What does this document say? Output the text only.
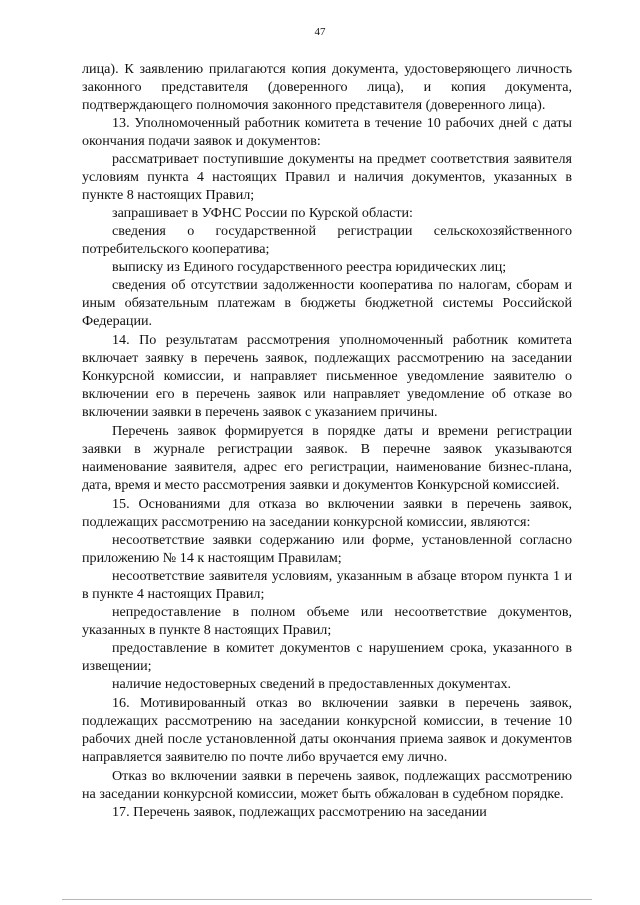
47

лица). К заявлению прилагаются копия документа, удостоверяющего личность законного представителя (доверенного лица), и копия документа, подтверждающего полномочия законного представителя (доверенного лица).

13. Уполномоченный работник комитета в течение 10 рабочих дней с даты окончания подачи заявок и документов:

рассматривает поступившие документы на предмет соответствия заявителя условиям пункта 4 настоящих Правил и наличия документов, указанных в пункте 8 настоящих Правил;

запрашивает в УФНС России по Курской области:

сведения о государственной регистрации сельскохозяйственного потребительского кооператива;

выписку из Единого государственного реестра юридических лиц;

сведения об отсутствии задолженности кооператива по налогам, сборам и иным обязательным платежам в бюджеты бюджетной системы Российской Федерации.

14. По результатам рассмотрения уполномоченный работник комитета включает заявку в перечень заявок, подлежащих рассмотрению на заседании Конкурсной комиссии, и направляет письменное уведомление заявителю о включении его в перечень заявок или направляет уведомление об отказе во включении заявки в перечень заявок с указанием причины.

Перечень заявок формируется в порядке даты и времени регистрации заявки в журнале регистрации заявок. В перечне заявок указываются наименование заявителя, адрес его регистрации, наименование бизнес-плана, дата, время и место рассмотрения заявки и документов Конкурсной комиссией.

15. Основаниями для отказа во включении заявки в перечень заявок, подлежащих рассмотрению на заседании конкурсной комиссии, являются:

несоответствие заявки содержанию или форме, установленной согласно приложению № 14 к настоящим Правилам;

несоответствие заявителя условиям, указанным в абзаце втором пункта 1 и в пункте 4 настоящих Правил;

непредоставление в полном объеме или несоответствие документов, указанных в пункте 8 настоящих Правил;

предоставление в комитет документов с нарушением срока, указанного в извещении;

наличие недостоверных сведений в предоставленных документах.

16. Мотивированный отказ во включении заявки в перечень заявок, подлежащих рассмотрению на заседании конкурсной комиссии, в течение 10 рабочих дней после установленной даты окончания приема заявок и документов направляется заявителю по почте либо вручается ему лично.

Отказ во включении заявки в перечень заявок, подлежащих рассмотрению на заседании конкурсной комиссии, может быть обжалован в судебном порядке.

17. Перечень заявок, подлежащих рассмотрению на заседании
